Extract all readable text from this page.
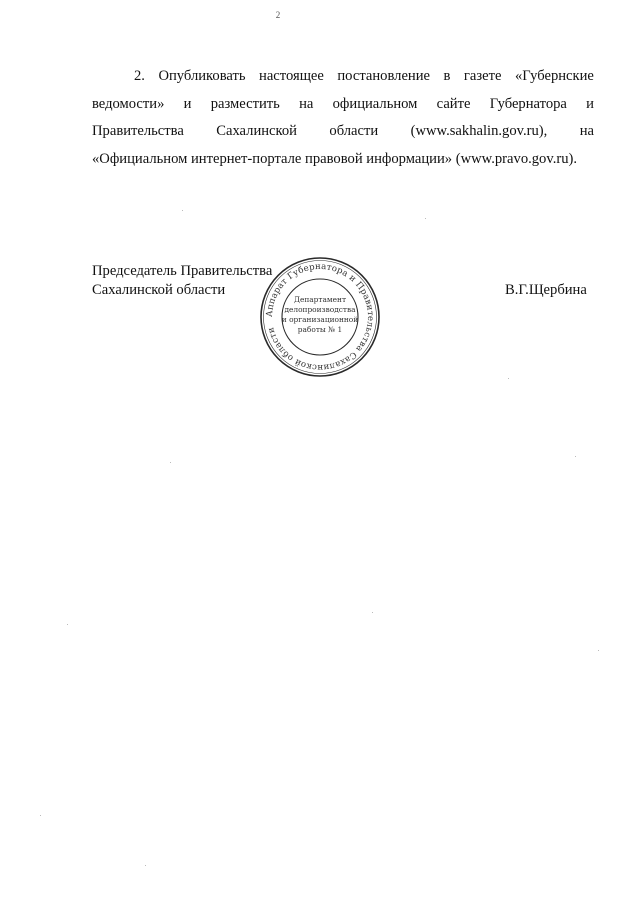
2
2. Опубликовать настоящее постановление в газете «Губернские
ведомости» и разместить на официальном сайте Губернатора и
Правительства Сахалинской области (www.sakhalin.gov.ru), на
«Официальном интернет-портале правовой информации» (www.pravo.gov.ru).
Председатель Правительства
Сахалинской области	В.Г.Щербина
Аппарат Губернатора и Правительства Сахалинской области
Департамент
делопроизводства
и организационной
работы № 1
